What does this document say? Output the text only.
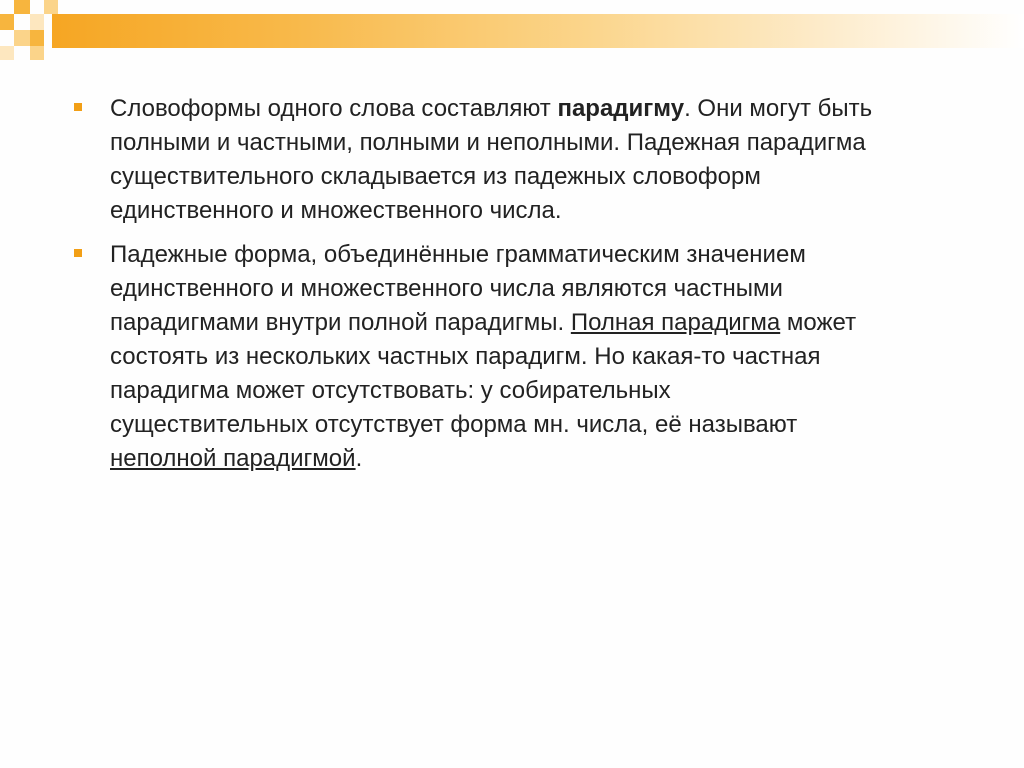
Словоформы одного слова составляют парадигму. Они могут быть полными и частными, полными и неполными. Падежная парадигма существительного складывается из падежных словоформ единственного и множественного числа.
Падежные форма, объединённые грамматическим значением единственного и множественного числа являются частными парадигмами внутри полной парадигмы. Полная парадигма может состоять из нескольких частных парадигм. Но какая-то частная парадигма может отсутствовать: у собирательных существительных отсутствует форма мн. числа, её называют неполной парадигмой.
